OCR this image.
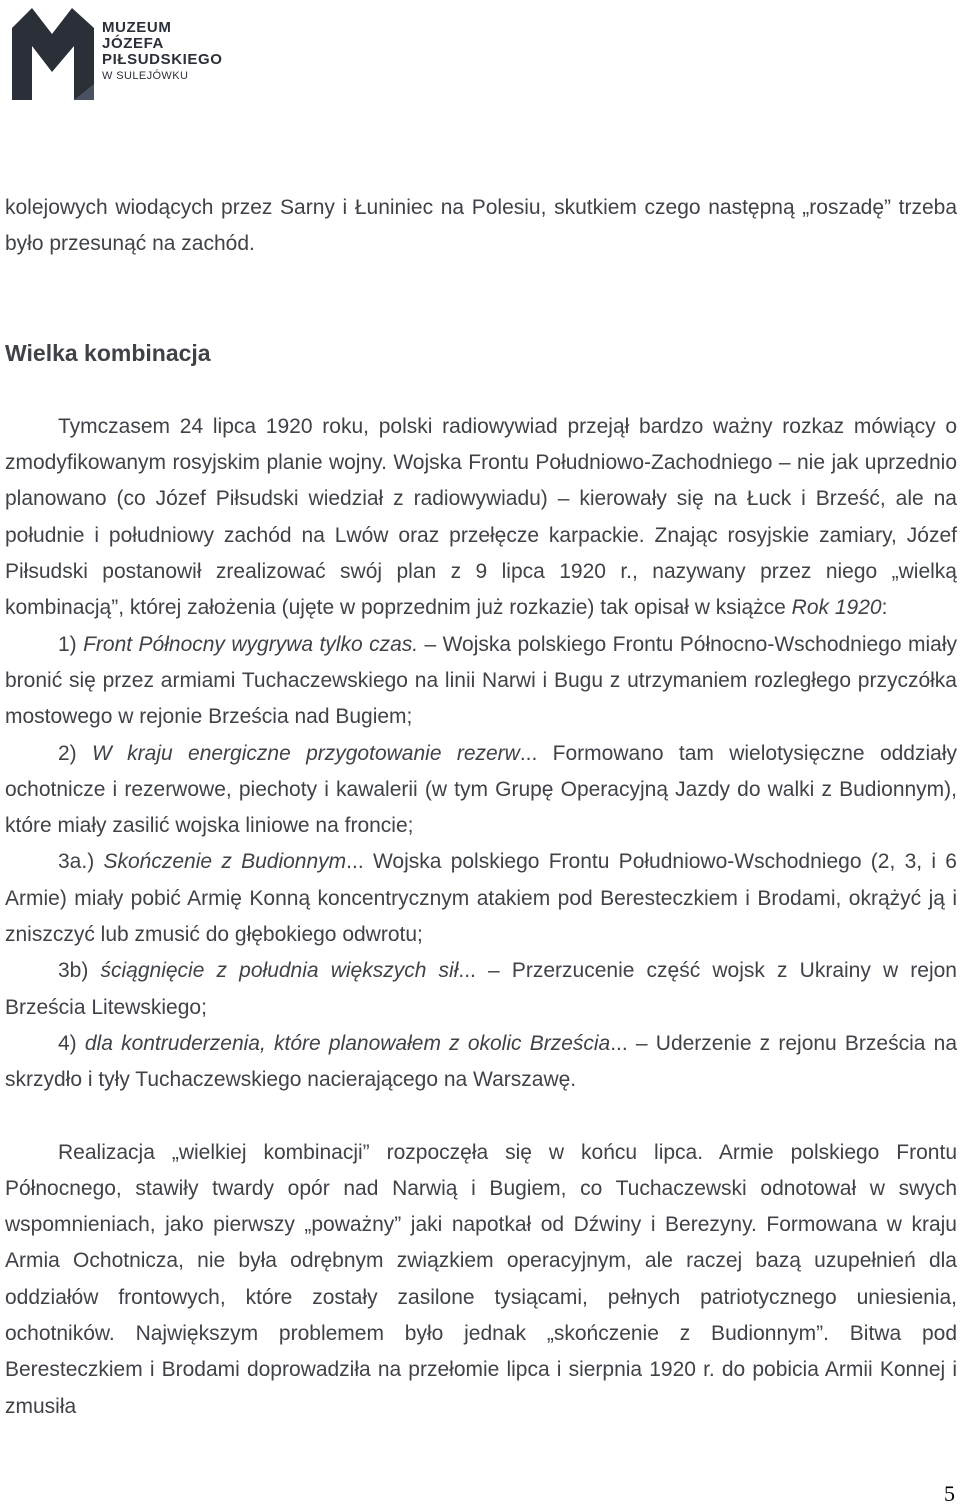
MUZEUM
JÓZEFA
PIŁSUDSKIEGO
W SULEJÓWKU

kolejowych wiodących przez Sarny i Łuniniec na Polesiu, skutkiem czego następną „roszadę” trzeba było przesunąć na zachód.

Wielka kombinacja

Tymczasem 24 lipca 1920 roku, polski radiowywiad przejął bardzo ważny rozkaz mówiący o zmodyfikowanym rosyjskim planie wojny. Wojska Frontu Południowo-Zachodniego – nie jak uprzednio planowano (co Józef Piłsudski wiedział z radiowywiadu) – kierowały się na Łuck i Brześć, ale na południe i południowy zachód na Lwów oraz przełęcze karpackie. Znając rosyjskie zamiary, Józef Piłsudski postanowił zrealizować swój plan z 9 lipca 1920 r., nazywany przez niego „wielką kombinacją”, której założenia (ujęte w poprzednim już rozkazie) tak opisał w książce Rok 1920:

1) Front Północny wygrywa tylko czas. – Wojska polskiego Frontu Północno-Wschodniego miały bronić się przez armiami Tuchaczewskiego na linii Narwi i Bugu z utrzymaniem rozległego przyczółka mostowego w rejonie Brześcia nad Bugiem;

2) W kraju energiczne przygotowanie rezerw... Formowano tam wielotysięczne oddziały ochotnicze i rezerwowe, piechoty i kawalerii (w tym Grupę Operacyjną Jazdy do walki z Budionnym), które miały zasilić wojska liniowe na froncie;

3a.) Skończenie z Budionnym... Wojska polskiego Frontu Południowo-Wschodniego (2, 3, i 6 Armie) miały pobić Armię Konną koncentrycznym atakiem pod Beresteczkiem i Brodami, okrążyć ją i zniszczyć lub zmusić do głębokiego odwrotu;

3b) ściągnięcie z południa większych sił... – Przerzucenie część wojsk z Ukrainy w rejon Brześcia Litewskiego;

4) dla kontruderzenia, które planowałem z okolic Brześcia... – Uderzenie z rejonu Brześcia na skrzydło i tyły Tuchaczewskiego nacierającego na Warszawę.

Realizacja „wielkiej kombinacji” rozpoczęła się w końcu lipca. Armie polskiego Frontu Północnego, stawiły twardy opór nad Narwią i Bugiem, co Tuchaczewski odnotował w swych wspomnieniach, jako pierwszy „poważny” jaki napotkał od Dźwiny i Berezyny. Formowana w kraju Armia Ochotnicza, nie była odrębnym związkiem operacyjnym, ale raczej bazą uzupełnień dla oddziałów frontowych, które zostały zasilone tysiącami, pełnych patriotycznego uniesienia, ochotników. Największym problemem było jednak „skończenie z Budionnym”. Bitwa pod Beresteczkiem i Brodami doprowadziła na przełomie lipca i sierpnia 1920 r. do pobicia Armii Konnej i zmusiła

5
